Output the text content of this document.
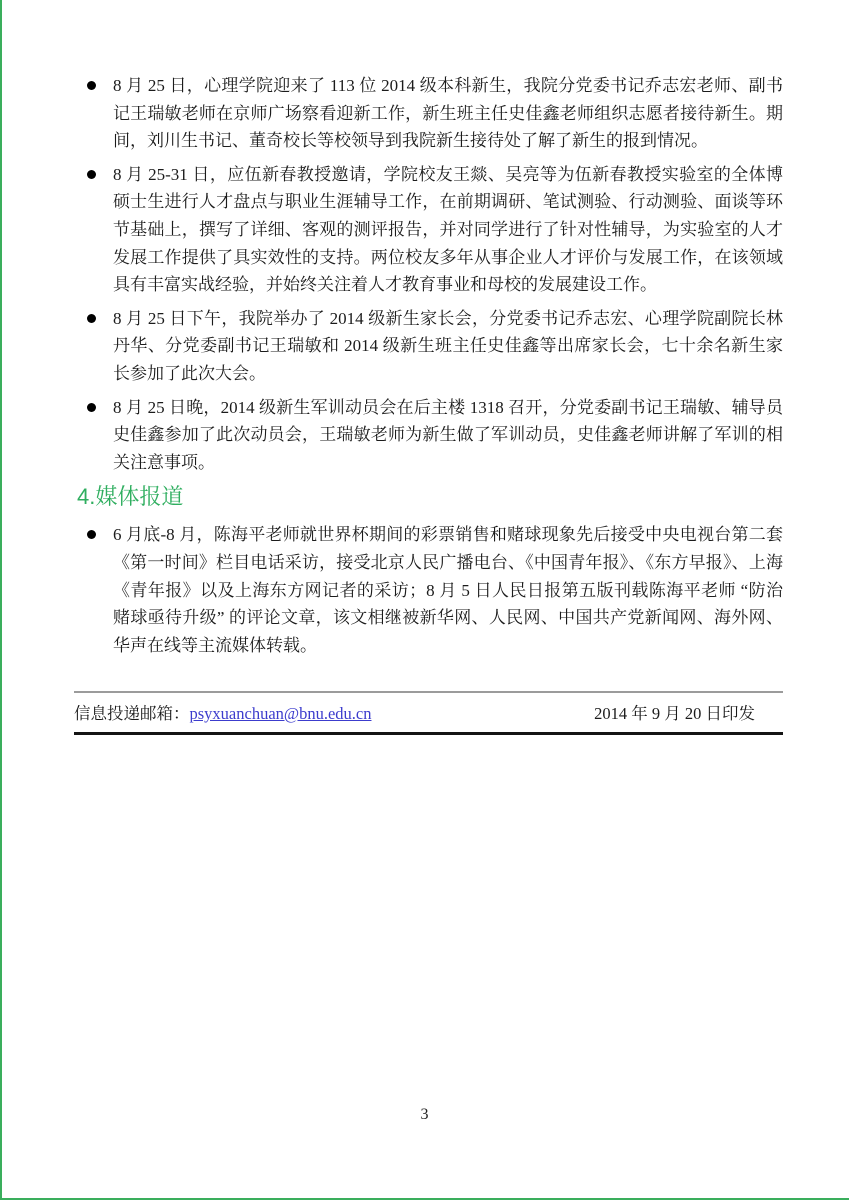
8 月 25 日，心理学院迎来了 113 位 2014 级本科新生，我院分党委书记乔志宏老师、副书记王瑞敏老师在京师广场察看迎新工作，新生班主任史佳鑫老师组织志愿者接待新生。期间，刘川生书记、董奇校长等校领导到我院新生接待处了解了新生的报到情况。
8 月 25-31 日，应伍新春教授邀请，学院校友王燚、吴亮等为伍新春教授实验室的全体博硕士生进行人才盘点与职业生涯辅导工作，在前期调研、笔试测验、行动测验、面谈等环节基础上，撰写了详细、客观的测评报告，并对同学进行了针对性辅导，为实验室的人才发展工作提供了具实效性的支持。两位校友多年从事企业人才评价与发展工作，在该领域具有丰富实战经验，并始终关注着人才教育事业和母校的发展建设工作。
8 月 25 日下午，我院举办了 2014 级新生家长会，分党委书记乔志宏、心理学院副院长林丹华、分党委副书记王瑞敏和 2014 级新生班主任史佳鑫等出席家长会，七十余名新生家长参加了此次大会。
8 月 25 日晚，2014 级新生军训动员会在后主楼 1318 召开，分党委副书记王瑞敏、辅导员史佳鑫参加了此次动员会，王瑞敏老师为新生做了军训动员，史佳鑫老师讲解了军训的相关注意事项。
4.媒体报道
6 月底-8 月，陈海平老师就世界杯期间的彩票销售和赌球现象先后接受中央电视台第二套《第一时间》栏目电话采访，接受北京人民广播电台、《中国青年报》、《东方早报》、上海《青年报》以及上海东方网记者的采访；8 月 5 日人民日报第五版刊载陈海平老师 “防治赌球亟待升级” 的评论文章，该文相继被新华网、人民网、中国共产党新闻网、海外网、华声在线等主流媒体转载。
信息投递邮箱： psyxuanchuan@bnu.edu.cn	2014 年 9 月 20 日印发
3
